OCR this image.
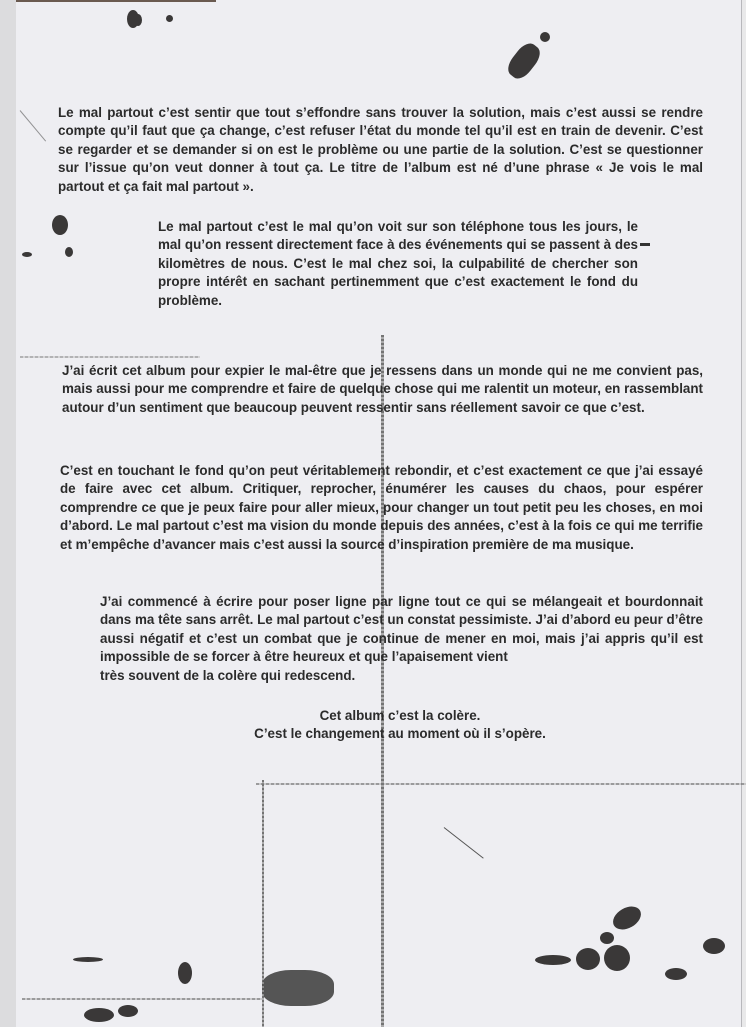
Le mal partout c’est sentir que tout s’effondre sans trouver la solution, mais c’est aussi se rendre compte qu’il faut que ça change, c’est refuser l’état du monde tel qu’il est en train de devenir. C’est se regarder et se demander si on est le problème ou une partie de la solution. C’est se questionner sur l’issue qu’on veut donner à tout ça. Le titre de l’album est né d’une phrase « Je vois le mal partout et ça fait mal partout ».

Le mal partout c’est le mal qu’on voit sur son téléphone tous les jours, le mal qu’on ressent directement face à des événements qui se passent à des kilomètres de nous. C’est le mal chez soi, la culpabilité de chercher son propre intérêt en sachant pertinemment que c’est exactement le fond du problème.

J’ai écrit cet album pour expier le mal-être que je ressens dans un monde qui ne me convient pas, mais aussi pour me comprendre et faire de quelque chose qui me ralentit un moteur, en rassemblant autour d’un sentiment que beaucoup peuvent ressentir sans réellement savoir ce que c’est.

C’est en touchant le fond qu’on peut véritablement rebondir, et c’est exactement ce que j’ai essayé de faire avec cet album. Critiquer, reprocher, énumérer les causes du chaos, pour espérer comprendre ce que je peux faire pour aller mieux, pour changer un tout petit peu les choses, en moi d’abord. Le mal partout c’est ma vision du monde depuis des années, c’est à la fois ce qui me terrifie et m’empêche d’avancer mais c’est aussi la source d’inspiration première de ma musique.

J’ai commencé à écrire pour poser ligne par ligne tout ce qui se mélangeait et bourdonnait dans ma tête sans arrêt. Le mal partout c’est un constat pessimiste. J’ai d’abord eu peur d’être aussi négatif et c’est un combat que je continue de mener en moi, mais j’ai appris qu’il est impossible de se forcer à être heureux et que l’apaisement vient
très souvent de la colère qui redescend.

Cet album c’est la colère.
C’est le changement au moment où il s’opère.
